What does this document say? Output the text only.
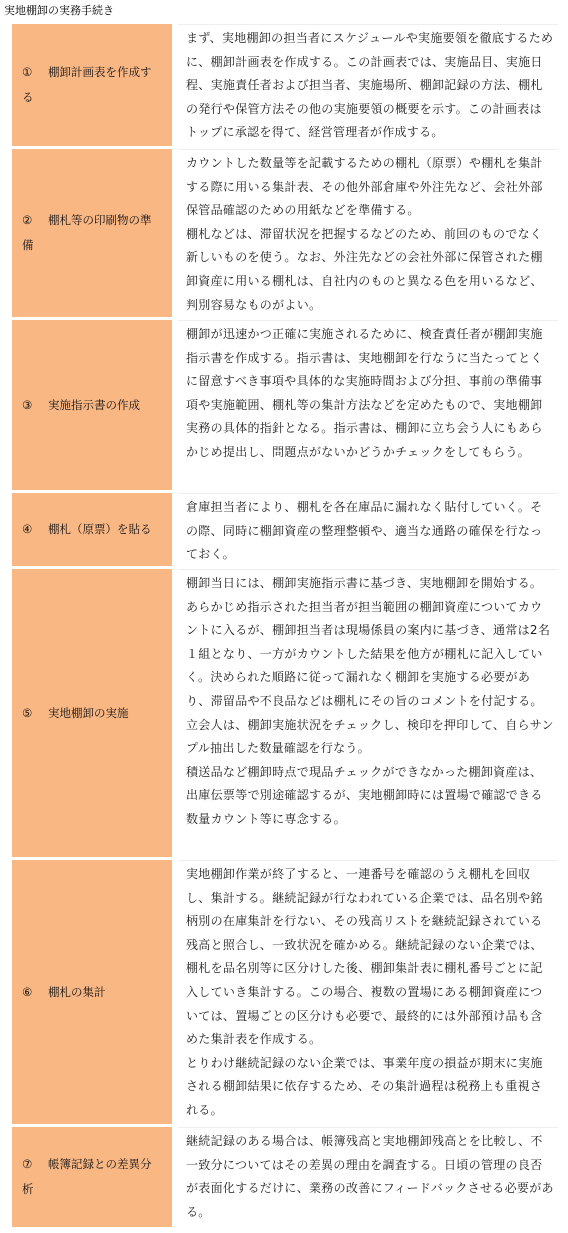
実地棚卸の実務手続き
① 棚卸計画表を作成する

まず、実地棚卸の担当者にスケジュールや実施要領を徹底するために、棚卸計画表を作成する。この計画表では、実施品目、実施日程、実施責任者および担当者、実施場所、棚卸記録の方法、棚札の発行や保管方法その他の実施要領の概要を示す。この計画表はトップに承認を得て、経営管理者が作成する。

② 棚札等の印刷物の準備

カウントした数量等を記載するための棚札（原票）や棚札を集計する際に用いる集計表、その他外部倉庫や外注先など、会社外部保管品確認のための用紙などを準備する。

棚札などは、滞留状況を把握するなどのため、前回のものでなく新しいものを使う。なお、外注先などの会社外部に保管された棚卸資産に用いる棚札は、自社内のものと異なる色を用いるなど、判別容易なものがよい。

③ 実施指示書の作成

棚卸が迅速かつ正確に実施されるために、検査責任者が棚卸実施指示書を作成する。指示書は、実地棚卸を行なうに当たってとくに留意すべき事項や具体的な実施時間および分担、事前の準備事項や実施範囲、棚札等の集計方法などを定めたもので、実地棚卸実務の具体的指針となる。指示書は、棚卸に立ち会う人にもあらかじめ提出し、問題点がないかどうかチェックをしてもらう。

④ 棚札（原票）を貼る

倉庫担当者により、棚札を各在庫品に漏れなく貼付していく。その際、同時に棚卸資産の整理整頓や、適当な通路の確保を行なっておく。

⑤ 実地棚卸の実施

棚卸当日には、棚卸実施指示書に基づき、実地棚卸を開始する。あらかじめ指示された担当者が担当範囲の棚卸資産についてカウントに入るが、棚卸担当者は現場係員の案内に基づき、通常は2名１組となり、一方がカウントした結果を他方が棚札に記入していく。決められた順路に従って漏れなく棚卸を実施する必要があり、滞留品や不良品などは棚札にその旨のコメントを付記する。

立会人は、棚卸実施状況をチェックし、検印を押印して、自らサンプル抽出した数量確認を行なう。

積送品など棚卸時点で現品チェックができなかった棚卸資産は、出庫伝票等で別途確認するが、実地棚卸時には置場で確認できる数量カウント等に専念する。

⑥ 棚札の集計

実地棚卸作業が終了すると、一連番号を確認のうえ棚札を回収し、集計する。継続記録が行なわれている企業では、品名別や銘柄別の在庫集計を行ない、その残高リストを継続記録されている残高と照合し、一致状況を確かめる。継続記録のない企業では、棚札を品名別等に区分けした後、棚卸集計表に棚札番号ごとに記入していき集計する。この場合、複数の置場にある棚卸資産については、置場ごとの区分けも必要で、最終的には外部預け品も含めた集計表を作成する。

とりわけ継続記録のない企業では、事業年度の損益が期末に実施される棚卸結果に依存するため、その集計過程は税務上も重視される。

⑦ 帳簿記録との差異分析

継続記録のある場合は、帳簿残高と実地棚卸残高とを比較し、不一致分についてはその差異の理由を調査する。日頃の管理の良否が表面化するだけに、業務の改善にフィードバックさせる必要がある。
